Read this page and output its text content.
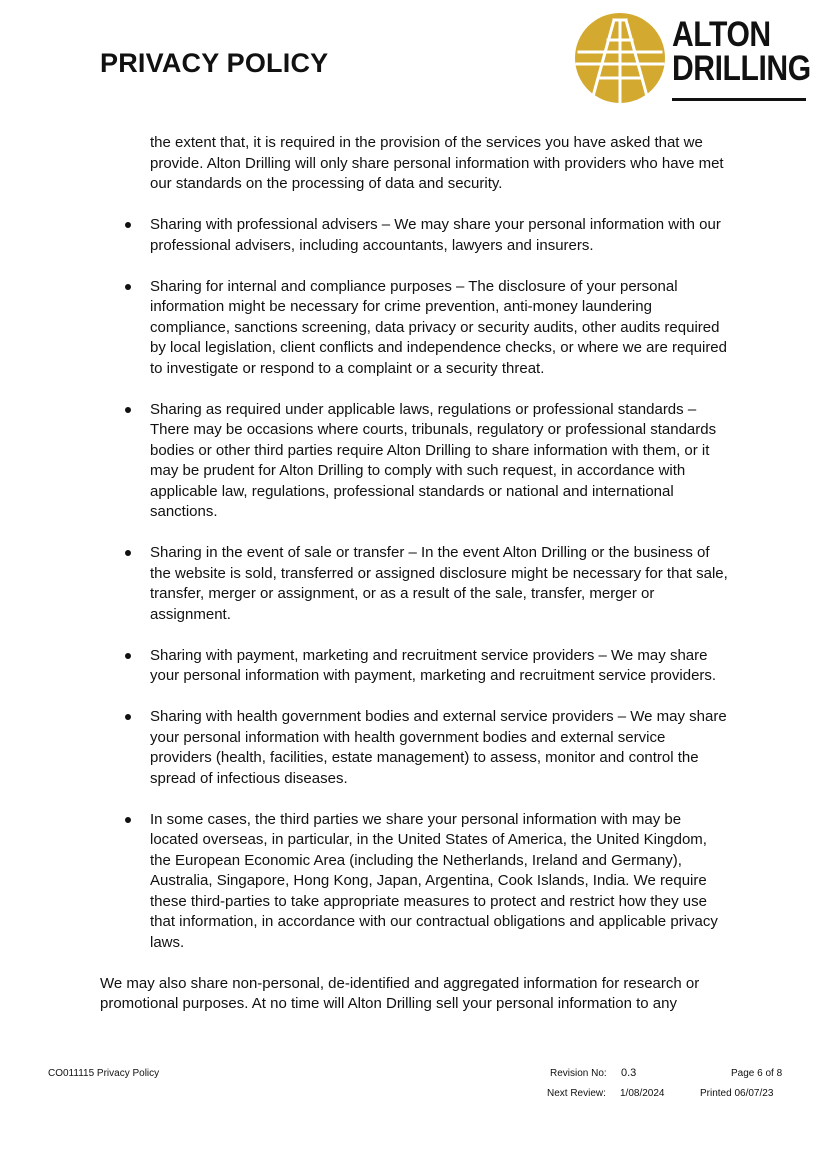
PRIVACY POLICY
ALTON
DRILLING

the extent that, it is required in the provision of the services you have asked that we provide. Alton Drilling will only share personal information with providers who have met our standards on the processing of data and security.

Sharing with professional advisers – We may share your personal information with our professional advisers, including accountants, lawyers and insurers.
Sharing for internal and compliance purposes – The disclosure of your personal information might be necessary for crime prevention, anti-money laundering compliance, sanctions screening, data privacy or security audits, other audits required by local legislation, client conflicts and independence checks, or where we are required to investigate or respond to a complaint or a security threat.
Sharing as required under applicable laws, regulations or professional standards – There may be occasions where courts, tribunals, regulatory or professional standards bodies or other third parties require Alton Drilling to share information with them, or it may be prudent for Alton Drilling to comply with such request, in accordance with applicable law, regulations, professional standards or national and international sanctions.
Sharing in the event of sale or transfer – In the event Alton Drilling or the business of the website is sold, transferred or assigned disclosure might be necessary for that sale, transfer, merger or assignment, or as a result of the sale, transfer, merger or assignment.
Sharing with payment, marketing and recruitment service providers – We may share your personal information with payment, marketing and recruitment service providers.
Sharing with health government bodies and external service providers – We may share your personal information with health government bodies and external service providers (health, facilities, estate management) to assess, monitor and control the spread of infectious diseases.
In some cases, the third parties we share your personal information with may be located overseas, in particular, in the United States of America, the United Kingdom, the European Economic Area (including the Netherlands, Ireland and Germany), Australia, Singapore, Hong Kong, Japan, Argentina, Cook Islands, India. We require these third-parties to take appropriate measures to protect and restrict how they use that information, in accordance with our contractual obligations and applicable privacy laws.

We may also share non-personal, de-identified and aggregated information for research or promotional purposes. At no time will Alton Drilling sell your personal information to any

CO011115 Privacy Policy	Revision No: 0.3	Page 6 of 8
Next Review: 1/08/2024	Printed 06/07/23
